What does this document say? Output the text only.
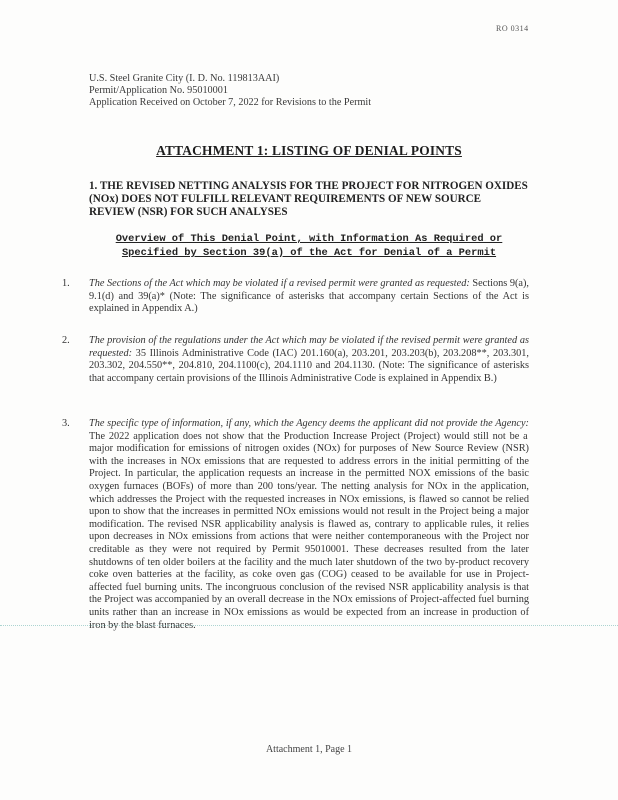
RO 0314
U.S. Steel Granite City (I. D. No. 119813AAI)
Permit/Application No. 95010001
Application Received on October 7, 2022 for Revisions to the Permit
ATTACHMENT 1: LISTING OF DENIAL POINTS
1. THE REVISED NETTING ANALYSIS FOR THE PROJECT FOR NITROGEN OXIDES (NOx) DOES NOT FULFILL RELEVANT REQUIREMENTS OF NEW SOURCE REVIEW (NSR) FOR SUCH ANALYSES
Overview of This Denial Point, with Information As Required or
Specified by Section 39(a) of the Act for Denial of a Permit
1. The Sections of the Act which may be violated if a revised permit were granted as requested: Sections 9(a), 9.1(d) and 39(a)* (Note: The significance of asterisks that accompany certain Sections of the Act is explained in Appendix A.)
2. The provision of the regulations under the Act which may be violated if the revised permit were granted as requested: 35 Illinois Administrative Code (IAC) 201.160(a), 203.201, 203.203(b), 203.208**, 203.301, 203.302, 204.550**, 204.810, 204.1100(c), 204.1110 and 204.1130. (Note: The significance of asterisks that accompany certain provisions of the Illinois Administrative Code is explained in Appendix B.)
3. The specific type of information, if any, which the Agency deems the applicant did not provide the Agency: The 2022 application does not show that the Production Increase Project (Project) would still not be a major modification for emissions of nitrogen oxides (NOx) for purposes of New Source Review (NSR) with the increases in NOx emissions that are requested to address errors in the initial permitting of the Project. In particular, the application requests an increase in the permitted NOX emissions of the basic oxygen furnaces (BOFs) of more than 200 tons/year. The netting analysis for NOx in the application, which addresses the Project with the requested increases in NOx emissions, is flawed so cannot be relied upon to show that the increases in permitted NOx emissions would not result in the Project being a major modification. The revised NSR applicability analysis is flawed as, contrary to applicable rules, it relies upon decreases in NOx emissions from actions that were neither contemporaneous with the Project nor creditable as they were not required by Permit 95010001. These decreases resulted from the later shutdowns of ten older boilers at the facility and the much later shutdown of the two by-product recovery coke oven batteries at the facility, as coke oven gas (COG) ceased to be available for use in Project-affected fuel burning units. The incongruous conclusion of the revised NSR applicability analysis is that the Project was accompanied by an overall decrease in the NOx emissions of Project-affected fuel burning units rather than an increase in NOx emissions as would be expected from an increase in production of iron by the blast furnaces.
Attachment 1, Page 1
